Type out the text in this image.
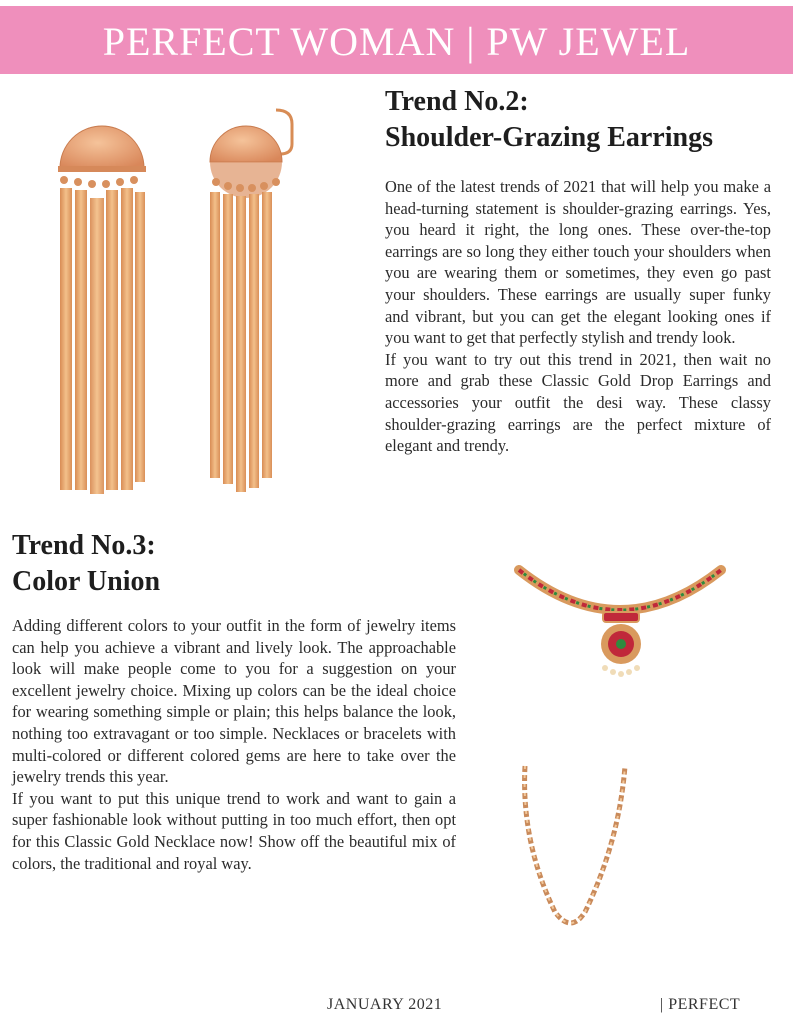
PERFECT WOMAN | PW JEWEL
Trend No.2:
Shoulder-Grazing Earrings

One of the latest trends of 2021 that will help you make a head-turning statement is shoulder-grazing earrings. Yes, you heard it right, the long ones. These over-the-top earrings are so long they either touch your shoulders when you are wearing them or sometimes, they even go past your shoulders. These earrings are usually super funky and vibrant, but you can get the elegant looking ones if you want to get that perfectly stylish and trendy look.

If you want to try out this trend in 2021, then wait no more and grab these Classic Gold Drop Earrings and accessories your outfit the desi way. These classy shoulder-grazing earrings are the perfect mixture of elegant and trendy.

Trend No.3:
Color Union

Adding different colors to your outfit in the form of jewelry items can help you achieve a vibrant and lively look. The approachable look will make people come to you for a suggestion on your excellent jewelry choice. Mixing up colors can be the ideal choice for wearing something simple or plain; this helps balance the look, nothing too extravagant or too simple. Necklaces or bracelets with multi-colored or different colored gems are here to take over the jewelry trends this year.

If you want to put this unique trend to work and want to gain a super fashionable look without putting in too much effort, then opt for this Classic Gold Necklace now! Show off the beautiful mix of colors, the traditional and royal way.

JANUARY 2021	| PERFECT
